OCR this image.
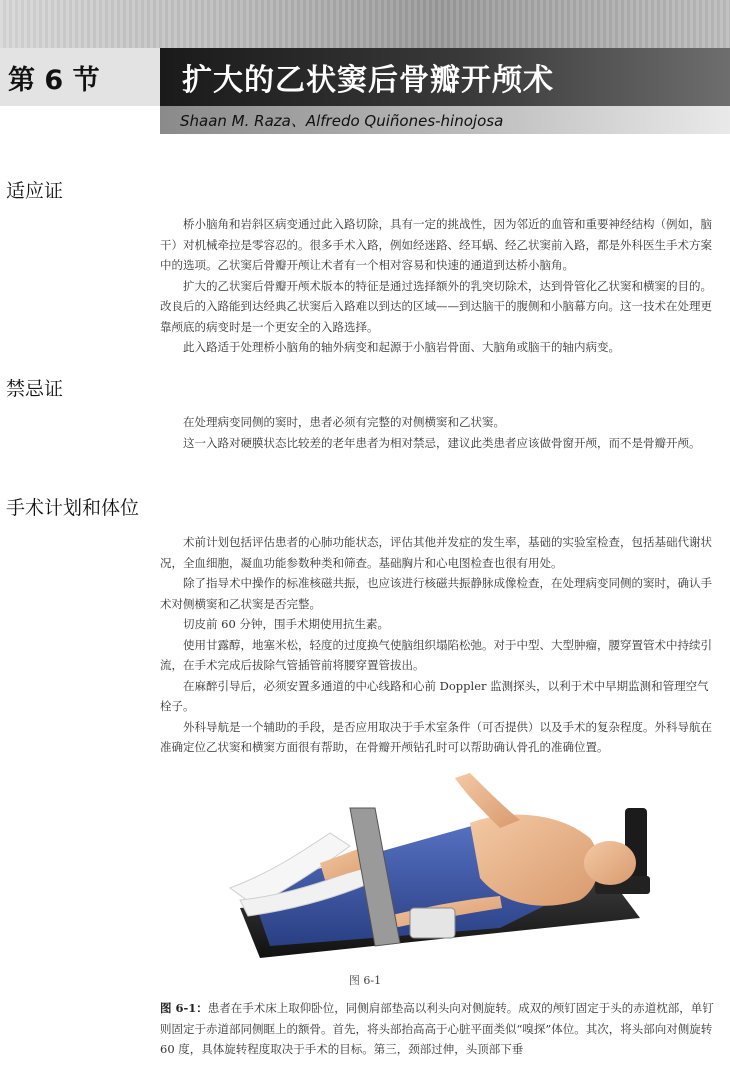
第 6 节	扩大的乙状窦后骨瓣开颅术
Shaan M. Raza、Alfredo Quiñones-hinojosa
适应证

桥小脑角和岩斜区病变通过此入路切除，具有一定的挑战性，因为邻近的血管和重要神经结构（例如，脑干）对机械牵拉是零容忍的。很多手术入路，例如经迷路、经耳蜗、经乙状窦前入路，都是外科医生手术方案中的选项。乙状窦后骨瓣开颅让术者有一个相对容易和快速的通道到达桥小脑角。

扩大的乙状窦后骨瓣开颅术版本的特征是通过选择额外的乳突切除术，达到骨管化乙状窦和横窦的目的。改良后的入路能到达经典乙状窦后入路难以到达的区域——到达脑干的腹侧和小脑幕方向。这一技术在处理更靠颅底的病变时是一个更安全的入路选择。

此入路适于处理桥小脑角的轴外病变和起源于小脑岩骨面、大脑角或脑干的轴内病变。

禁忌证

在处理病变同侧的窦时，患者必须有完整的对侧横窦和乙状窦。

这一入路对硬膜状态比较差的老年患者为相对禁忌，建议此类患者应该做骨窗开颅，而不是骨瓣开颅。

手术计划和体位

术前计划包括评估患者的心肺功能状态，评估其他并发症的发生率，基础的实验室检查，包括基础代谢状况，全血细胞，凝血功能参数种类和筛查。基础胸片和心电图检查也很有用处。

除了指导术中操作的标准核磁共振，也应该进行核磁共振静脉成像检查，在处理病变同侧的窦时，确认手术对侧横窦和乙状窦是否完整。

切皮前 60 分钟，围手术期使用抗生素。

使用甘露醇，地塞米松，轻度的过度换气使脑组织塌陷松弛。对于中型、大型肿瘤，腰穿置管术中持续引流，在手术完成后拔除气管插管前将腰穿置管拔出。

在麻醉引导后，必须安置多通道的中心线路和心前 Doppler 监测探头，以利于术中早期监测和管理空气栓子。

外科导航是一个辅助的手段，是否应用取决于手术室条件（可否提供）以及手术的复杂程度。外科导航在准确定位乙状窦和横窦方面很有帮助，在骨瓣开颅钻孔时可以帮助确认骨孔的准确位置。

图 6-1
图 6-1：患者在手术床上取仰卧位，同侧肩部垫高以利头向对侧旋转。成双的颅钉固定于头的赤道枕部，单钉则固定于赤道部同侧眶上的额骨。首先，将头部抬高高于心脏平面类似“嗅探”体位。其次，将头部向对侧旋转 60 度，具体旋转程度取决于手术的目标。第三，颈部过伸，头顶部下垂
